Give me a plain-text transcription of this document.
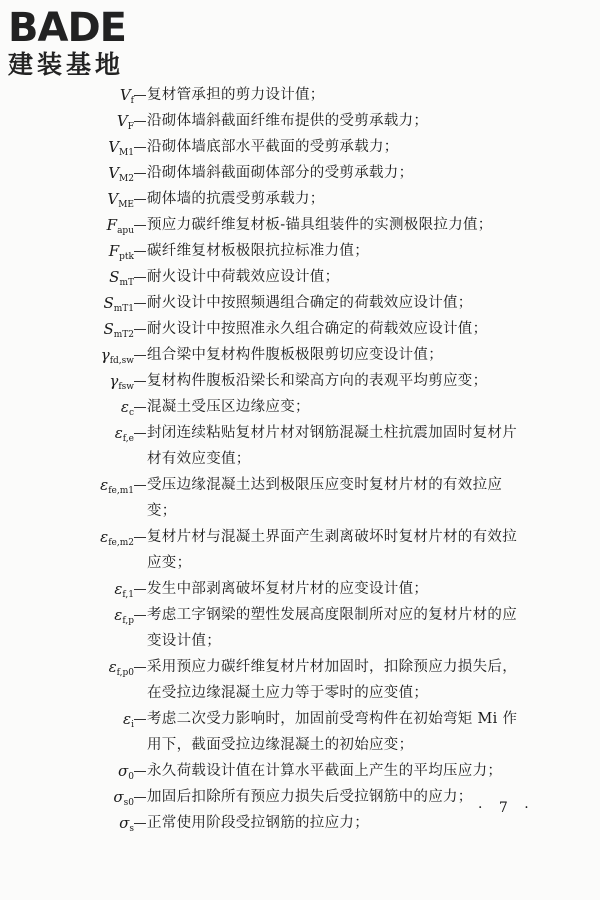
BADE
建装基地
$V_f$ 复材管承担的剪力设计值；
$V_F$ 沿砌体墙斜截面纤维布提供的受剪承载力；
$V_{M1}$ 沿砌体墙底部水平截面的受剪承载力；
$V_{M2}$ 沿砌体墙斜截面砌体部分的受剪承载力；
$V_{ME}$ 砌体墙的抗震受剪承载力；
$F_{apu}$ 预应力碳纤维复材板-锚具组装件的实测极限拉力值；
$F_{ptk}$ 碳纤维复材板极限抗拉标准力值；
$S_{mT}$ 耐火设计中荷载效应设计值；
$S_{mT1}$ 耐火设计中按照频遇组合确定的荷载效应设计值；
$S_{mT2}$ 耐火设计中按照准永久组合确定的荷载效应设计值；
$\gamma_{fd,sw}$ 组合梁中复材构件腹板极限剪切应变设计值；
$\gamma_{fsw}$ 复材构件腹板沿梁长和梁高方向的表观平均剪应变；
$\varepsilon_c$ 混凝土受压区边缘应变；
$\varepsilon_{f,e}$ 封闭连续粘贴复材片材对钢筋混凝土柱抗震加固时复材片材有效应变值；
$\varepsilon_{fe,m1}$ 受压边缘混凝土达到极限压应变时复材片材的有效拉应变；
$\varepsilon_{fe,m2}$ 复材片材与混凝土界面产生剥离破坏时复材片材的有效拉应变；
$\varepsilon_{f,1}$ 发生中部剥离破坏复材片材的应变设计值；
$\varepsilon_{f,p}$ 考虑工字钢梁的塑性发展高度限制所对应的复材片材的应变设计值；
$\varepsilon_{f,p0}$ 采用预应力碳纤维复材片材加固时，扣除预应力损失后，在受拉边缘混凝土应力等于零时的应变值；
$\varepsilon_i$ 考虑二次受力影响时，加固前受弯构件在初始弯矩 Mi 作用下，截面受拉边缘混凝土的初始应变；
$\sigma_0$ 永久荷载设计值在计算水平截面上产生的平均压应力；
$\sigma_{s0}$ 加固后扣除所有预应力损失后受拉钢筋中的应力；
$\sigma_s$ 正常使用阶段受拉钢筋的拉应力；
· 7 ·
